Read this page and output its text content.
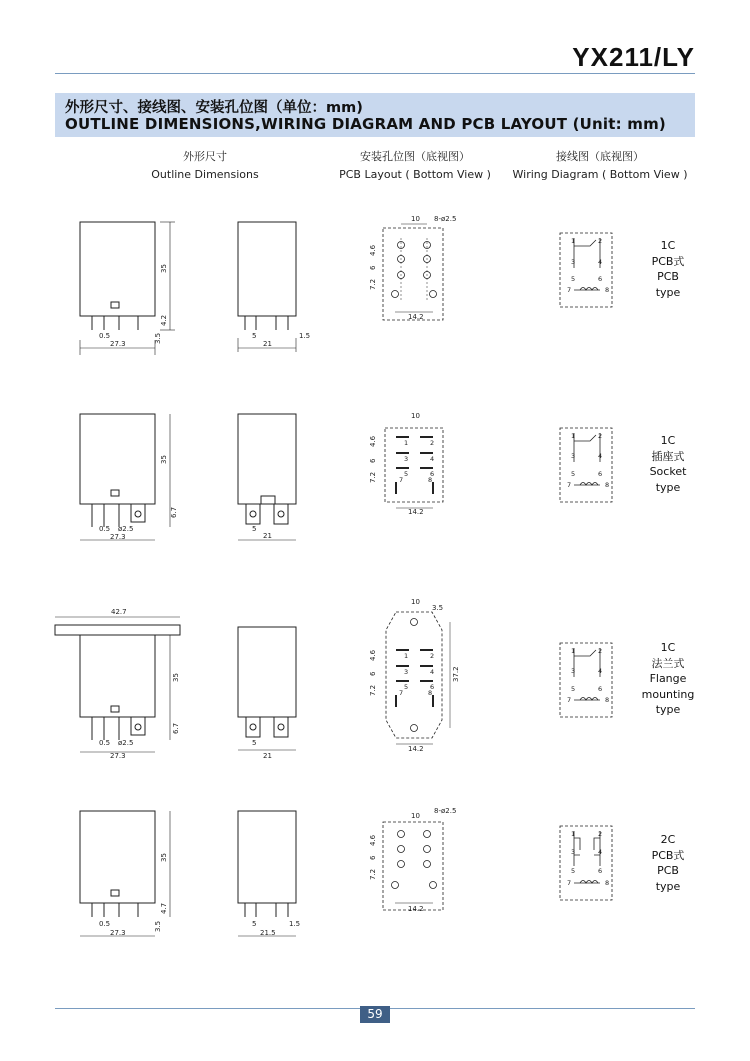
YX211/LY
外形尺寸、接线图、安装孔位图（单位：mm)
OUTLINE DIMENSIONS,WIRING DIAGRAM AND PCB LAYOUT (Unit: mm)
外形尺寸
Outline Dimensions
安装孔位图（底视图）
PCB Layout ( Bottom View )
接线图（底视图）
Wiring Diagram ( Bottom View )
35
4.2
3.5
0.5
27.3	21
5	1.5
10 8-ø2.5
4.6
6
7.2
14.2
35
6.7
0.5 ø2.5
27.3	21
5
10
4.6
6
7.2
14.2
42.7
35
6.7
0.5 ø2.5
27.3	21
5
10
3.5
4.6
6
7.2
37.2
14.2
35
4.7
3.5
0.5
27.3	21.5
5	1.5
10
8-ø2.5
4.6
6
7.2
14.2
1	2
3	4
5	6
7	8
1	2
3	4
5	6
7	8
1	2
3	4
5	6
7	8
1	2
3	4
5	6
7	8
1	2
3	4
5	6
7	8
1	2
3	4
5	6
7	8
1C
PCB式
PCB
type
1C
插座式
Socket
type
1C
法兰式
Flange
mounting
type
2C
PCB式
PCB
type
59
